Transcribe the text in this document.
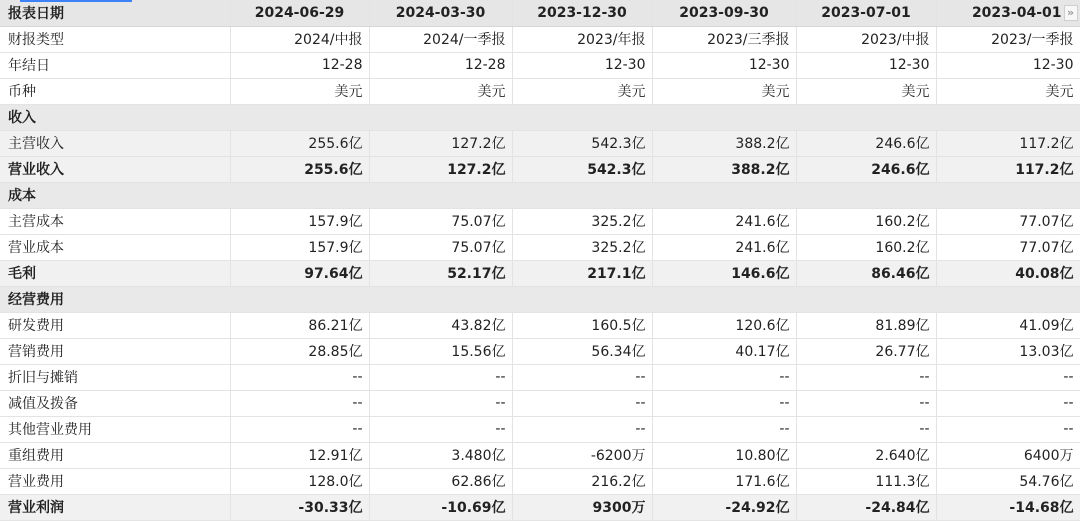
报表日期	2024-06-29	2024-03-30	2023-12-30	2023-09-30	2023-07-01	2023-04-01 »
财报类型	2024/中报	2024/一季报	2023/年报	2023/三季报	2023/中报	2023/一季报
年结日	12-28	12-28	12-30	12-30	12-30	12-30
币种	美元	美元	美元	美元	美元	美元
收入						
主营收入	255.6亿	127.2亿	542.3亿	388.2亿	246.6亿	117.2亿
营业收入	255.6亿	127.2亿	542.3亿	388.2亿	246.6亿	117.2亿
成本						
主营成本	157.9亿	75.07亿	325.2亿	241.6亿	160.2亿	77.07亿
营业成本	157.9亿	75.07亿	325.2亿	241.6亿	160.2亿	77.07亿
毛利	97.64亿	52.17亿	217.1亿	146.6亿	86.46亿	40.08亿
经营费用						
研发费用	86.21亿	43.82亿	160.5亿	120.6亿	81.89亿	41.09亿
营销费用	28.85亿	15.56亿	56.34亿	40.17亿	26.77亿	13.03亿
折旧与摊销	--	--	--	--	--	--
减值及拨备	--	--	--	--	--	--
其他营业费用	--	--	--	--	--	--
重组费用	12.91亿	3.480亿	-6200万	10.80亿	2.640亿	6400万
营业费用	128.0亿	62.86亿	216.2亿	171.6亿	111.3亿	54.76亿
营业利润	-30.33亿	-10.69亿	9300万	-24.92亿	-24.84亿	-14.68亿
